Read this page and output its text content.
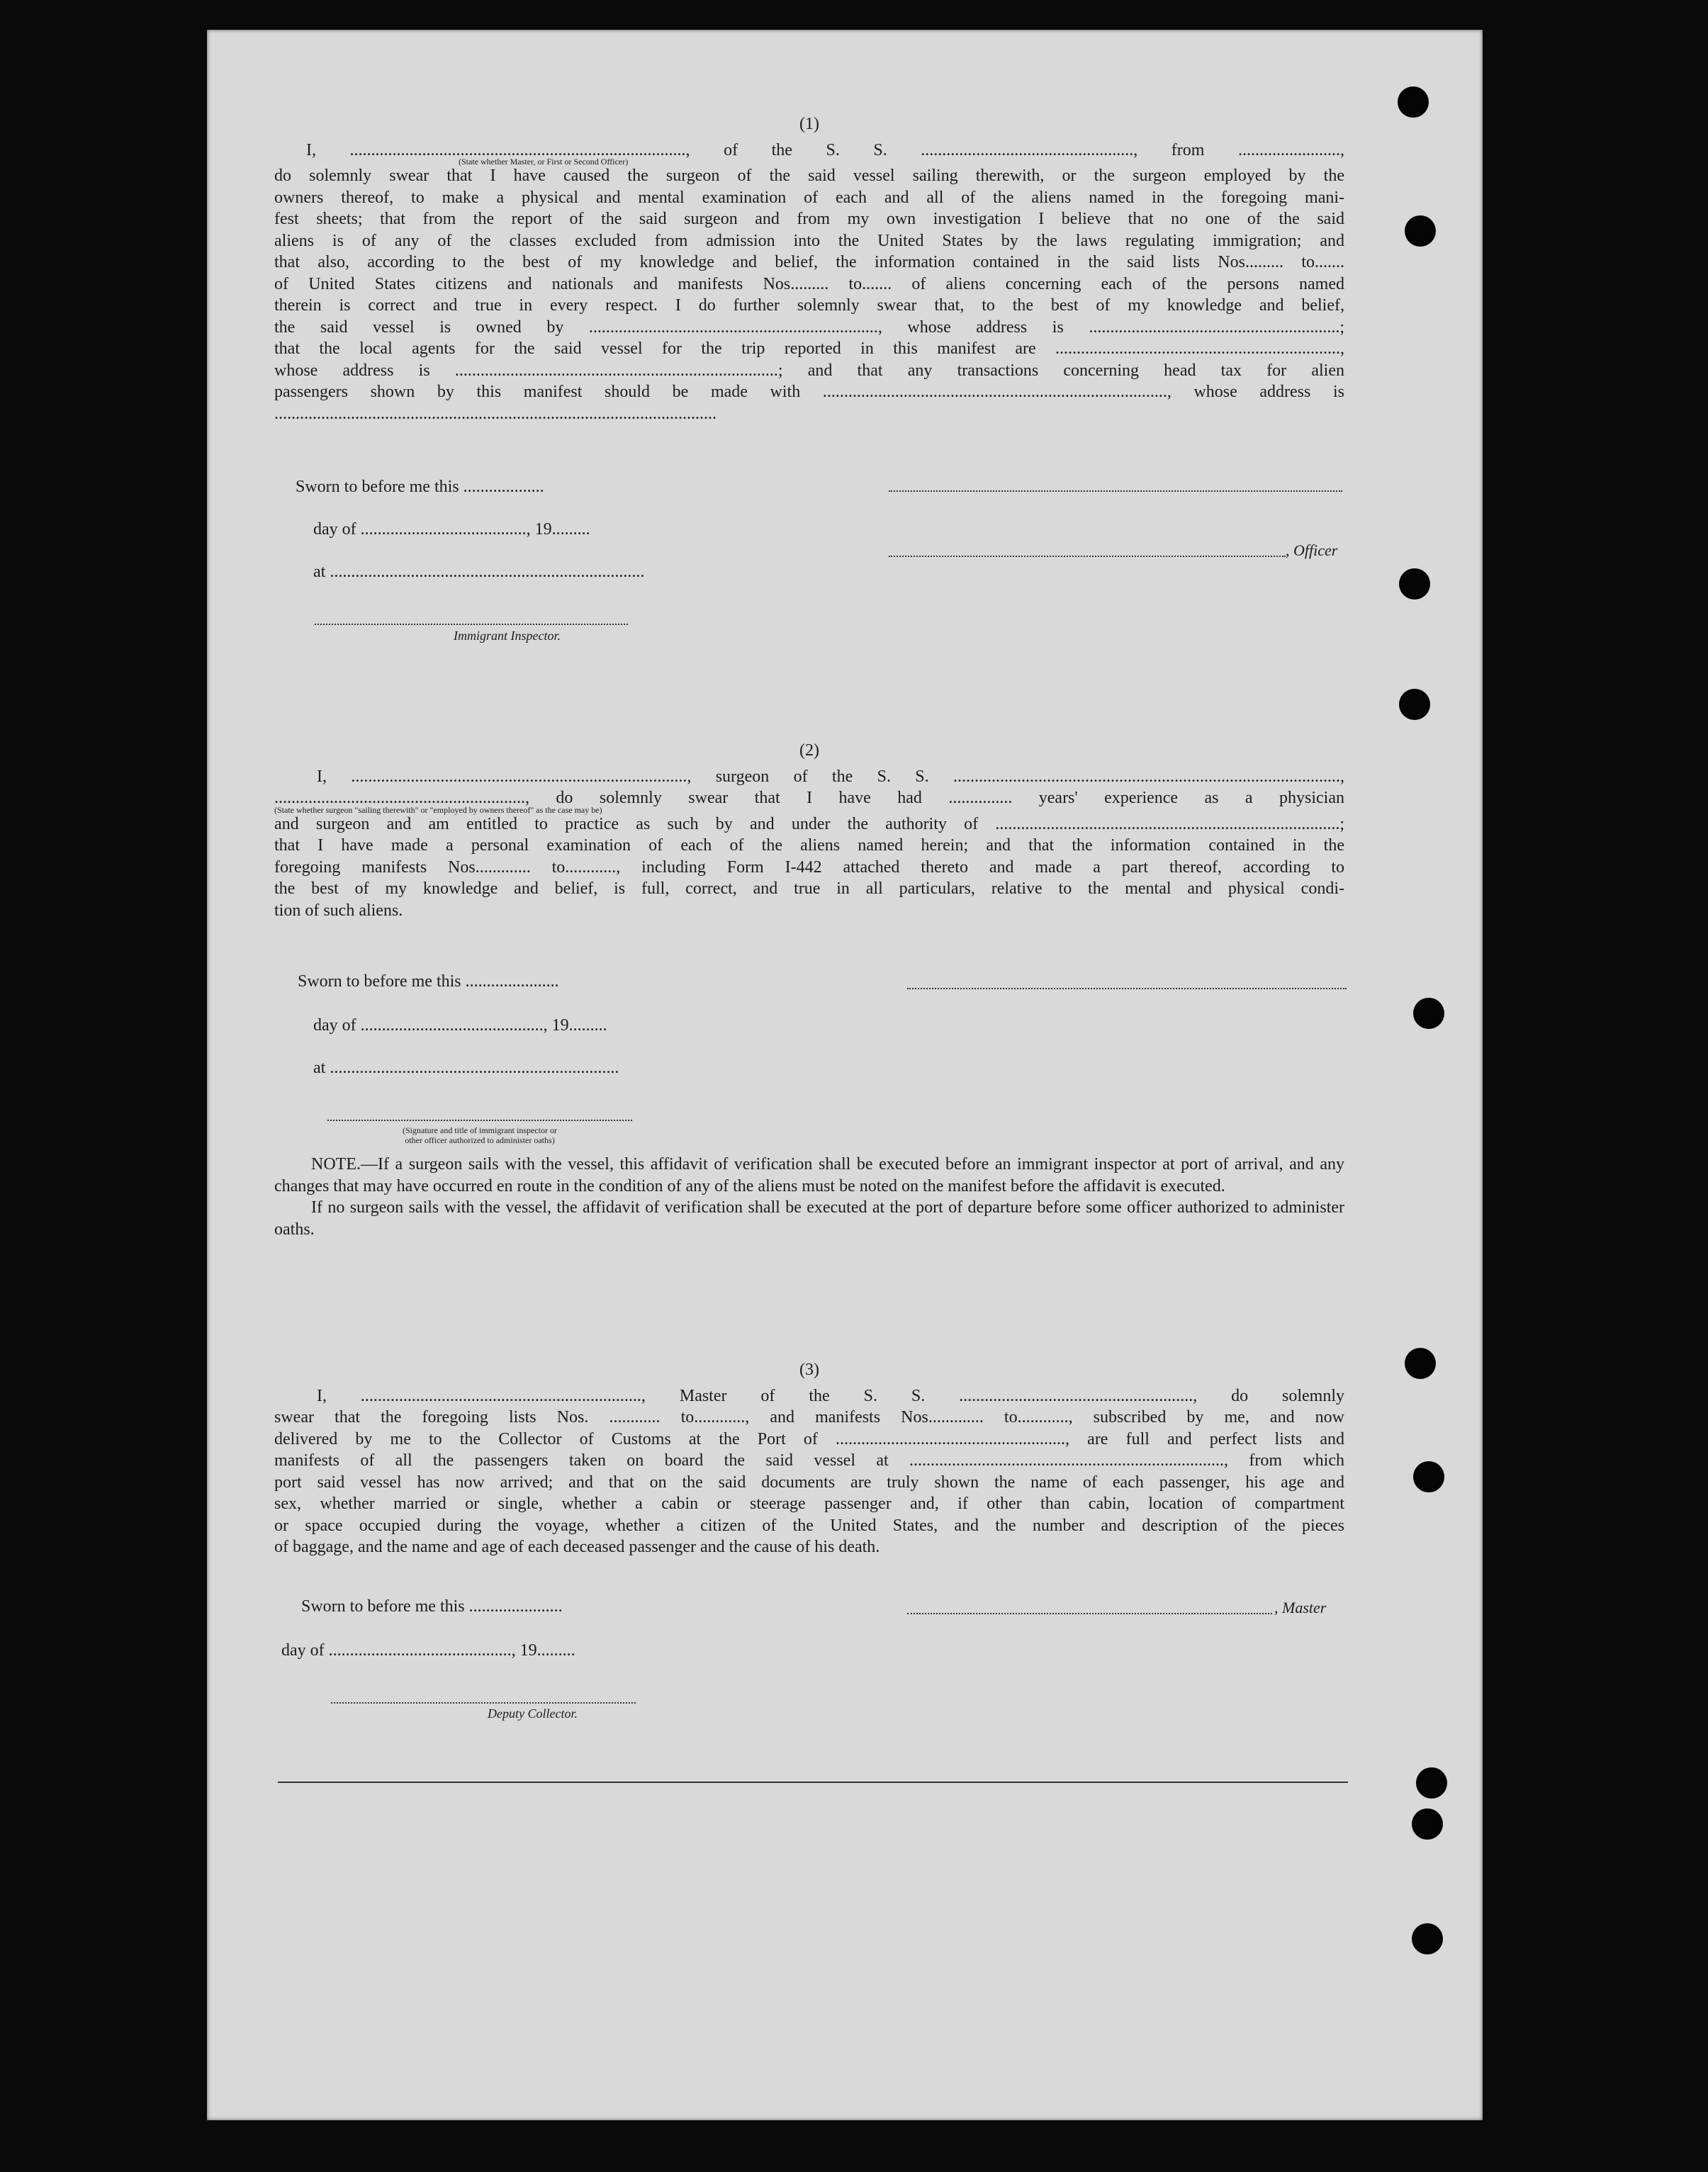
(1)

I, ..............................................................................., of the S. S. .................................................., from ........................,

(State whether Master, or First or Second Officer)

do solemnly swear that I have caused the surgeon of the said vessel sailing therewith, or the surgeon employed by the

owners thereof, to make a physical and mental examination of each and all of the aliens named in the foregoing mani-

fest sheets; that from the report of the said surgeon and from my own investigation I believe that no one of the said

aliens is of any of the classes excluded from admission into the United States by the laws regulating immigration; and

that also, according to the best of my knowledge and belief, the information contained in the said lists Nos......... to.......

of United States citizens and nationals and manifests Nos......... to....... of aliens concerning each of the persons named

therein is correct and true in every respect. I do further solemnly swear that, to the best of my knowledge and belief,

the said vessel is owned by ...................................................................., whose address is ...........................................................;

that the local agents for the said vessel for the trip reported in this manifest are ...................................................................,

whose address is ............................................................................; and that any transactions concerning head tax for alien

passengers shown by this manifest should be made with ................................................................................., whose address is

........................................................................................................

Sworn to before me this ...................
day of ......................................., 19.........
at ..........................................................................
Immigrant Inspector.
, Officer
(2)

I, ..............................................................................., surgeon of the S. S. ...........................................................................................,

..........................................................., do solemnly swear that I have had ............... years' experience as a physician

(State whether surgeon "sailing therewith" or "employed by owners thereof" as the case may be)

and surgeon and am entitled to practice as such by and under the authority of .................................................................................;

that I have made a personal examination of each of the aliens named herein; and that the information contained in the

foregoing manifests Nos............. to............, including Form I-442 attached thereto and made a part thereof, according to

the best of my knowledge and belief, is full, correct, and true in all particulars, relative to the mental and physical condi-

tion of such aliens.

Sworn to before me this ......................
day of ..........................................., 19.........
at ....................................................................
(Signature and title of immigrant inspector or
other officer authorized to administer oaths)

NOTE.—If a surgeon sails with the vessel, this affidavit of verification shall be executed before an immigrant inspector at port of arrival, and any changes that may have occurred en route in the condition of any of the aliens must be noted on the manifest before the affidavit is executed.

If no surgeon sails with the vessel, the affidavit of verification shall be executed at the port of departure before some officer authorized to administer oaths.

(3)

I, .................................................................., Master of the S. S. ......................................................., do solemnly

swear that the foregoing lists Nos. ............ to............, and manifests Nos............. to............, subscribed by me, and now

delivered by me to the Collector of Customs at the Port of ......................................................, are full and perfect lists and

manifests of all the passengers taken on board the said vessel at .........................................................................., from which

port said vessel has now arrived; and that on the said documents are truly shown the name of each passenger, his age and

sex, whether married or single, whether a cabin or steerage passenger and, if other than cabin, location of compartment

or space occupied during the voyage, whether a citizen of the United States, and the number and description of the pieces

of baggage, and the name and age of each deceased passenger and the cause of his death.

Sworn to before me this ......................
day of ..........................................., 19.........
, Master
Deputy Collector.
